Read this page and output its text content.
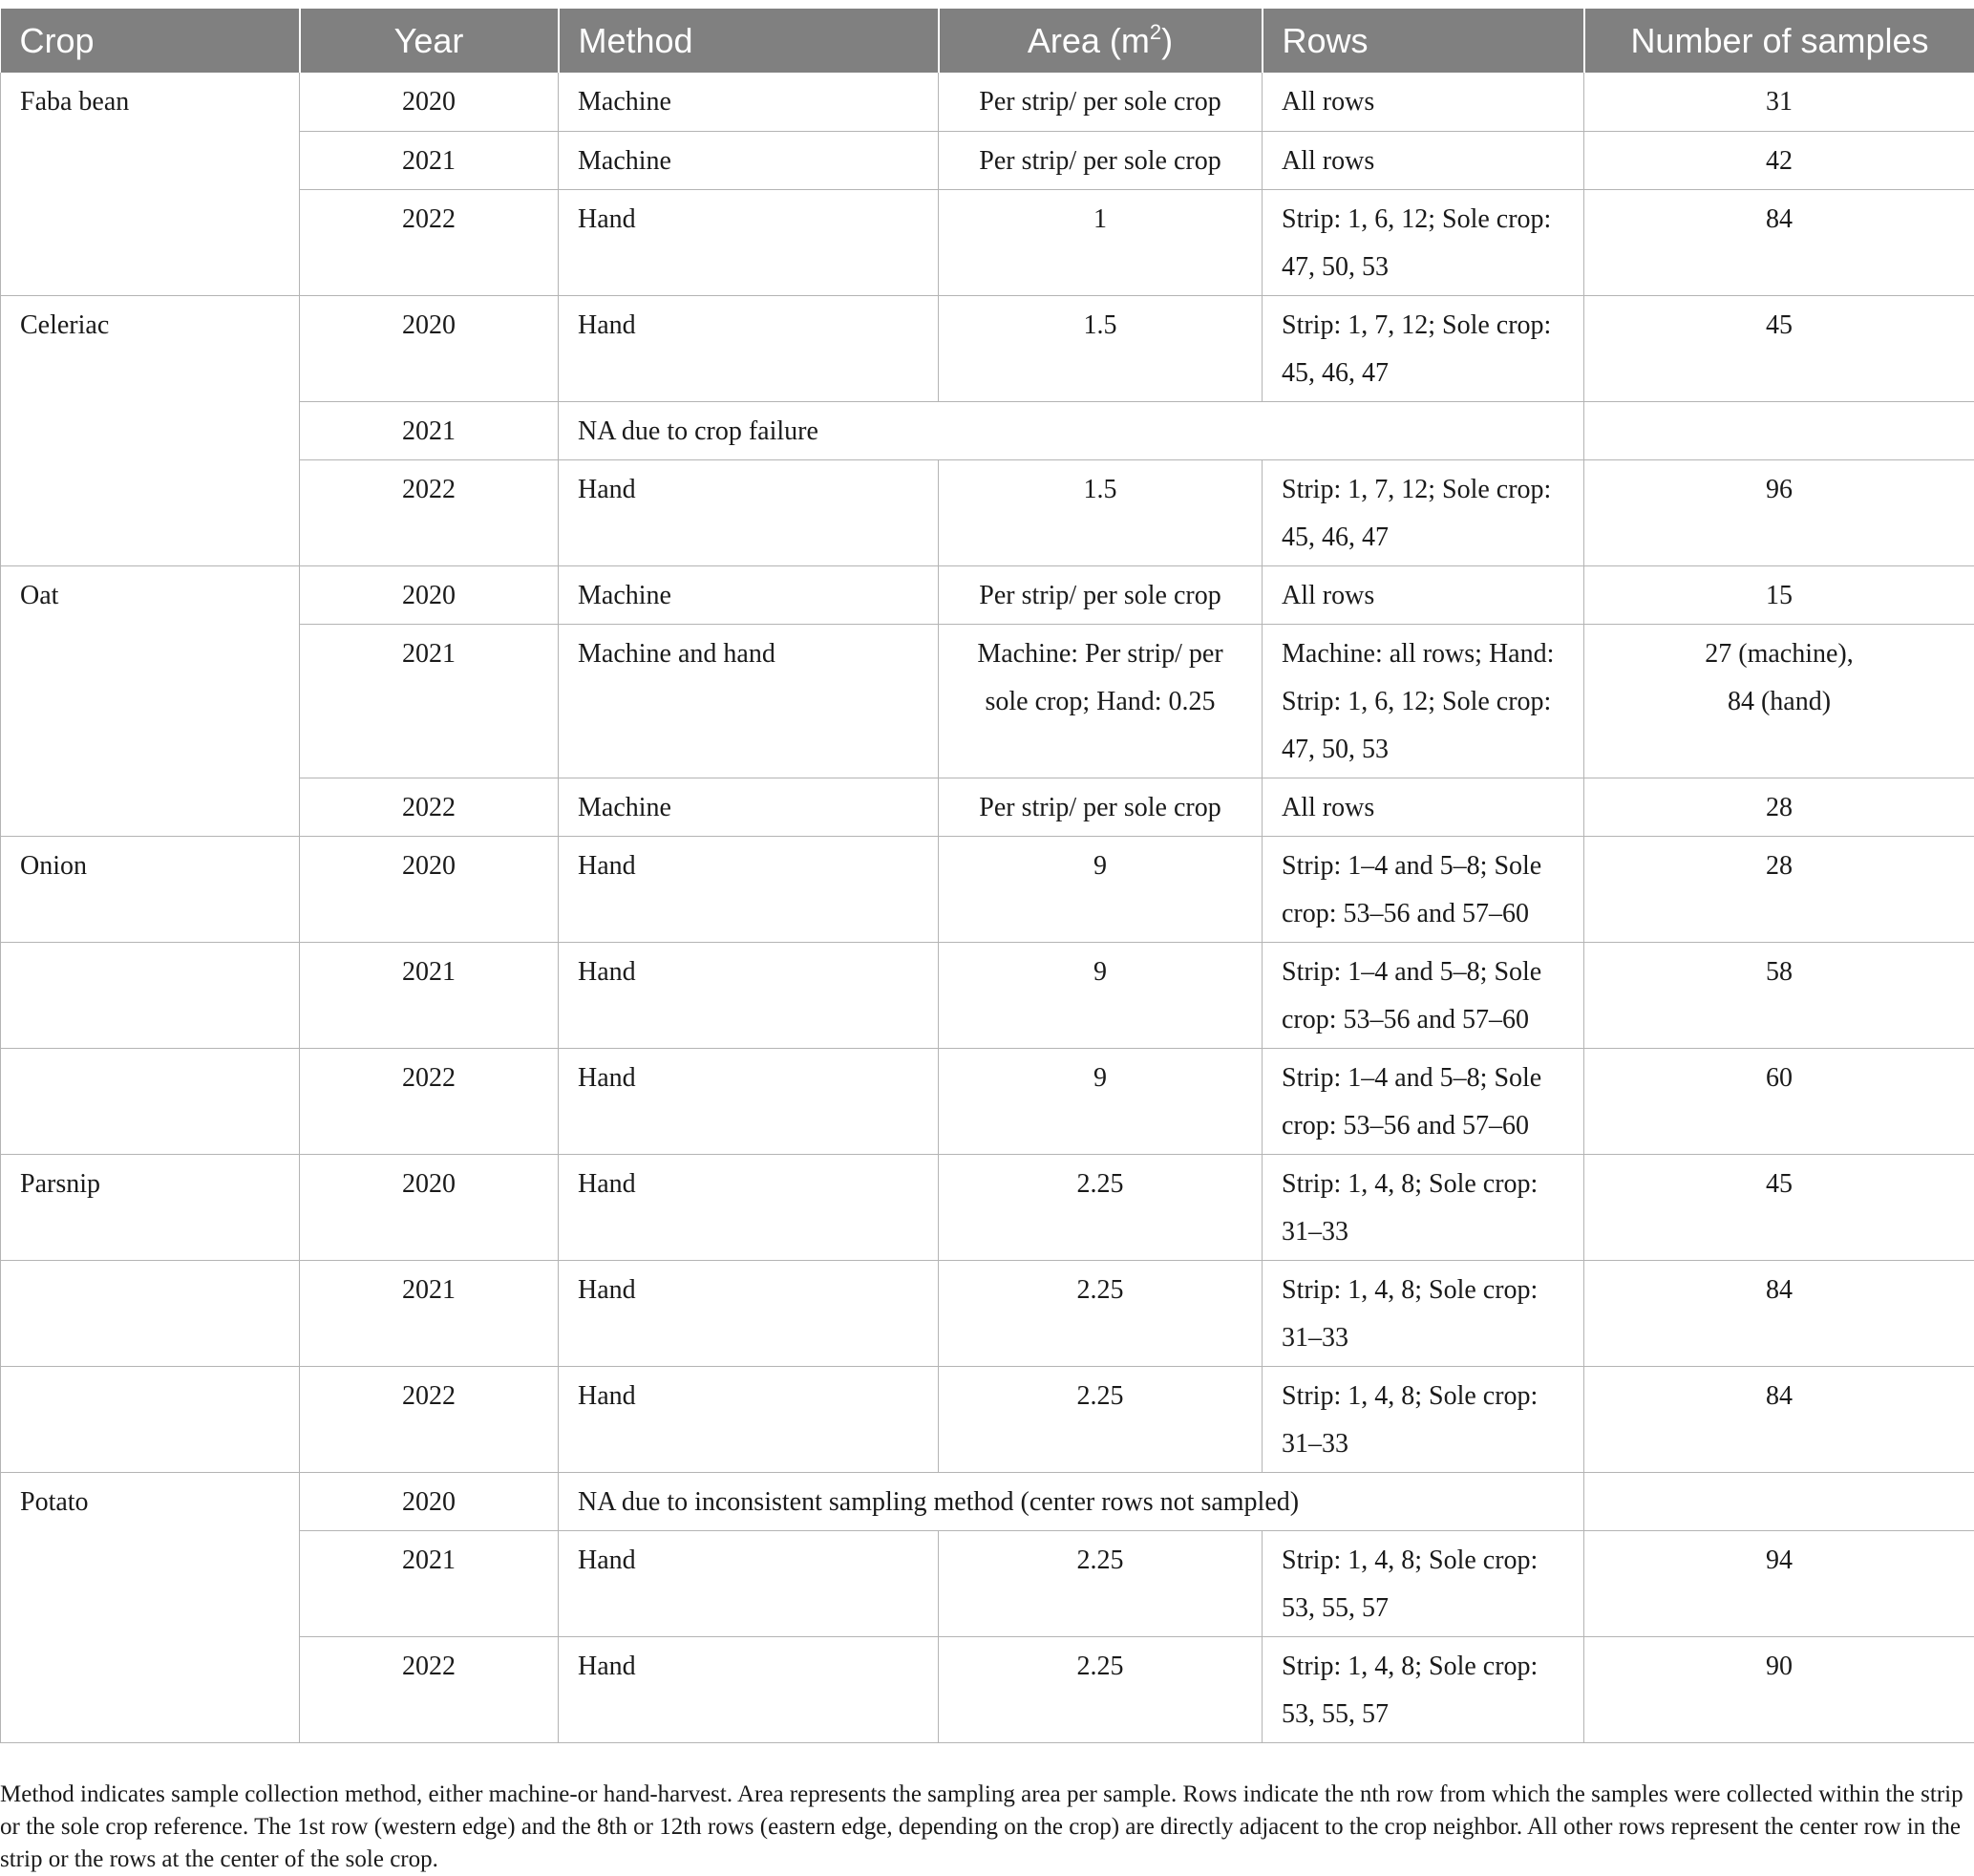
Crop	Year	Method	Area $(m^2)$	Rows	Number of samples
Faba bean	2020	Machine	Per strip/ per sole crop	All rows	31
	2021	Machine	Per strip/ per sole crop	All rows	42
	2022	Hand	1	Strip: 1, 6, 12; Sole crop: 47, 50, 53	84
Celeriac	2020	Hand	1.5	Strip: 1, 7, 12; Sole crop: 45, 46, 47	45
	2021	NA due to crop failure			
	2022	Hand	1.5	Strip: 1, 7, 12; Sole crop: 45, 46, 47	96
Oat	2020	Machine	Per strip/ per sole crop	All rows	15
	2021	Machine and hand	Machine: Per strip/ per sole crop; Hand: 0.25	Machine: all rows; Hand: Strip: 1, 6, 12; Sole crop: 47, 50, 53	27 (machine),
84 (hand)

	2022	Machine	Per strip/ per sole crop	All rows	28
Onion	2020	Hand	9	Strip: 1–4 and 5–8; Sole crop: 53–56 and 57–60	28
	2021	Hand	9	Strip: 1–4 and 5–8; Sole crop: 53–56 and 57–60	58
	2022	Hand	9	Strip: 1–4 and 5–8; Sole crop: 53–56 and 57–60	60
Parsnip	2020	Hand	2.25	Strip: 1, 4, 8; Sole crop: 31–33	45
	2021	Hand	2.25	Strip: 1, 4, 8; Sole crop: 31–33	84
	2022	Hand	2.25	Strip: 1, 4, 8; Sole crop: 31–33	84
Potato	2020	NA due to inconsistent sampling method (center rows not sampled)			
	2021	Hand	2.25	Strip: 1, 4, 8; Sole crop: 53, 55, 57	94
	2022	Hand	2.25	Strip: 1, 4, 8; Sole crop: 53, 55, 57	90

Method indicates sample collection method, either machine-or hand-harvest. Area represents the sampling area per sample. Rows indicate the nth row from which the samples were collected within the strip or the sole crop reference. The 1st row (western edge) and the 8th or 12th rows (eastern edge, depending on the crop) are directly adjacent to the crop neighbor. All other rows represent the center row in the strip or the rows at the center of the sole crop.
